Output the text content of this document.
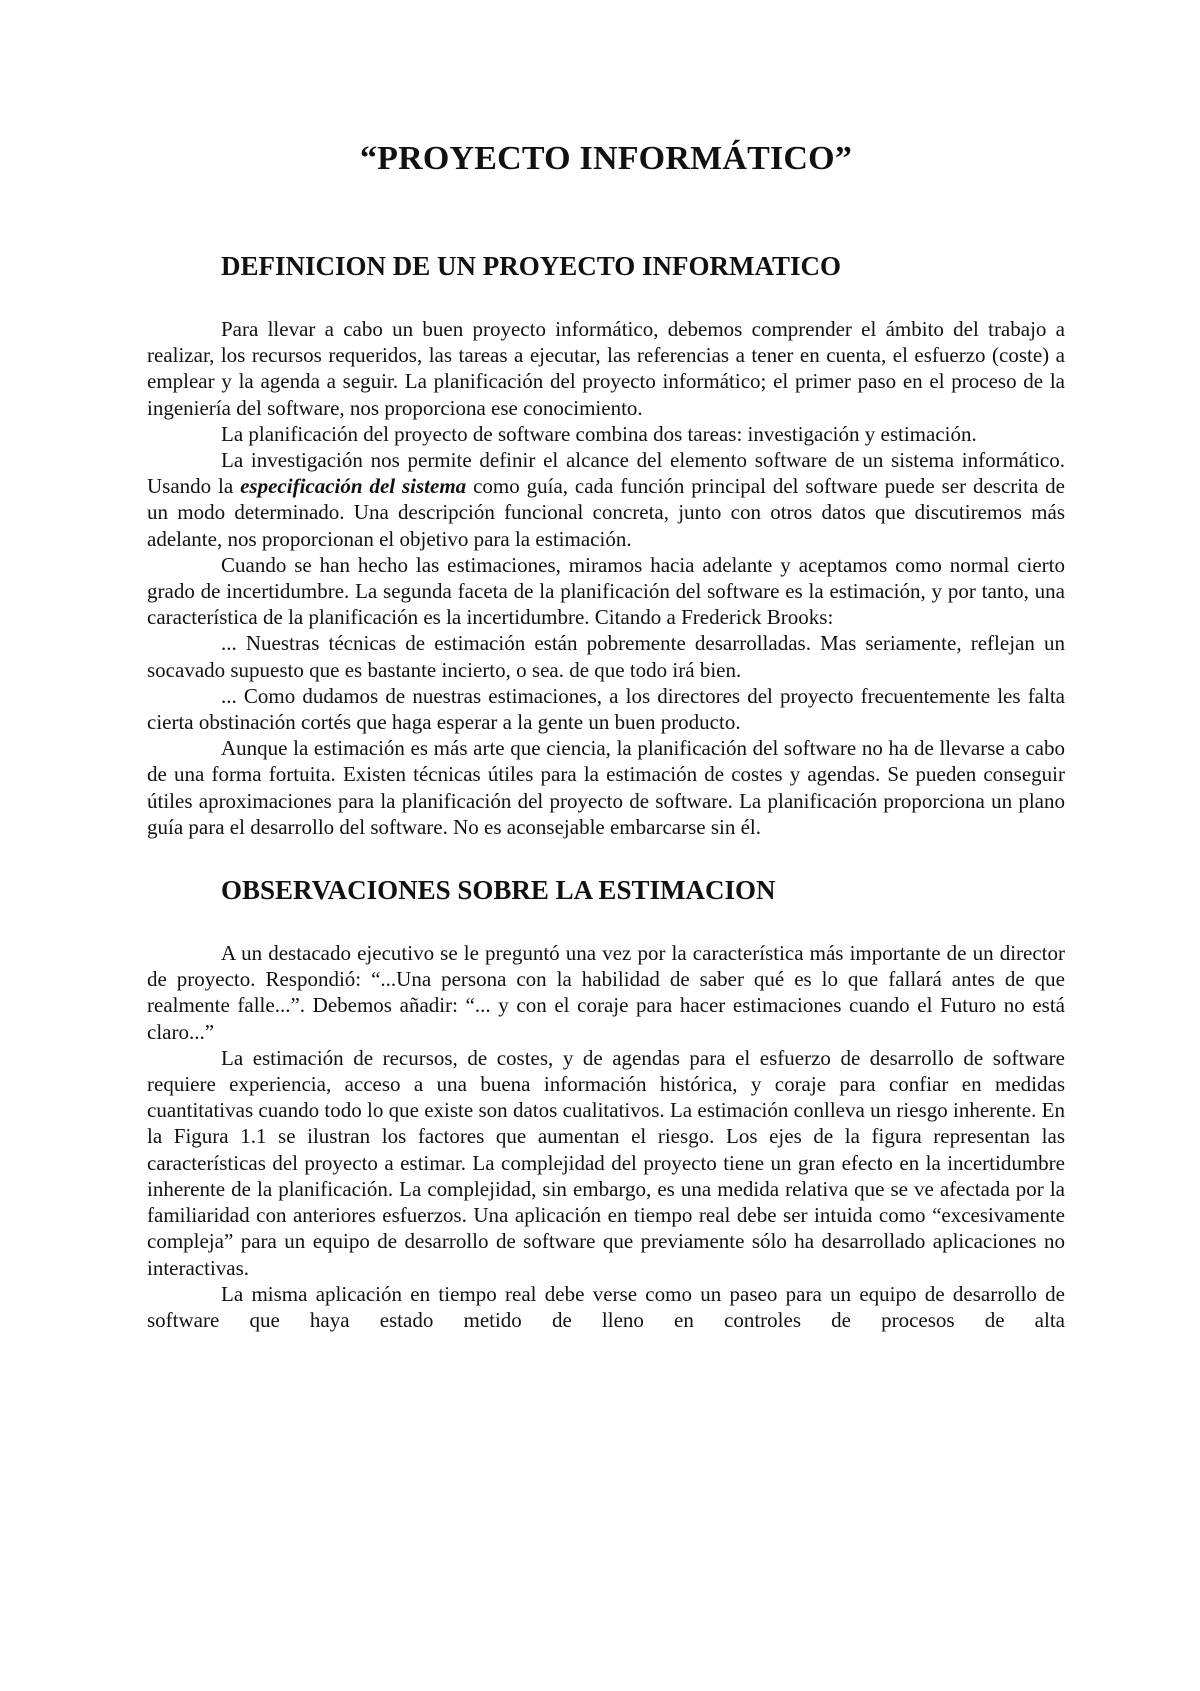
“PROYECTO INFORMÁTICO”
DEFINICION DE UN PROYECTO INFORMATICO

Para llevar a cabo un buen proyecto informático, debemos comprender el ámbito del trabajo a realizar, los recursos requeridos, las tareas a ejecutar, las referencias a tener en cuenta, el esfuerzo (coste) a emplear y la agenda a seguir. La planificación del proyecto informático; el primer paso en el proceso de la ingeniería del software, nos proporciona ese conocimiento.

La planificación del proyecto de software combina dos tareas: investigación y estimación.

La investigación nos permite definir el alcance del elemento software de un sistema informático. Usando la especificación del sistema como guía, cada función principal del software puede ser descrita de un modo determinado. Una descripción funcional concreta, junto con otros datos que discutiremos más adelante, nos proporcionan el objetivo para la estimación.

Cuando se han hecho las estimaciones, miramos hacia adelante y aceptamos como normal cierto grado de incertidumbre. La segunda faceta de la planificación del software es la estimación, y por tanto, una característica de la planificación es la incertidumbre. Citando a Frederick Brooks:

... Nuestras técnicas de estimación están pobremente desarrolladas. Mas seriamente, reflejan un socavado supuesto que es bastante incierto, o sea. de que todo irá bien.

... Como dudamos de nuestras estimaciones, a los directores del proyecto frecuentemente les falta cierta obstinación cortés que haga esperar a la gente un buen producto.

Aunque la estimación es más arte que ciencia, la planificación del software no ha de llevarse a cabo de una forma fortuita. Existen técnicas útiles para la estimación de costes y agendas. Se pueden conseguir útiles aproximaciones para la planificación del proyecto de software. La planificación proporciona un plano guía para el desarrollo del software. No es aconsejable embarcarse sin él.

OBSERVACIONES SOBRE LA ESTIMACION

A un destacado ejecutivo se le preguntó una vez por la característica más importante de un director de proyecto. Respondió: “...Una persona con la habilidad de saber qué es lo que fallará antes de que realmente falle...”. Debemos añadir: “... y con el coraje para hacer estimaciones cuando el Futuro no está claro...”

La estimación de recursos, de costes, y de agendas para el esfuerzo de desarrollo de software requiere experiencia, acceso a una buena información histórica, y coraje para confiar en medidas cuantitativas cuando todo lo que existe son datos cualitativos. La estimación conlleva un riesgo inherente. En la Figura 1.1 se ilustran los factores que aumentan el riesgo. Los ejes de la figura representan las características del proyecto a estimar. La complejidad del proyecto tiene un gran efecto en la incertidumbre inherente de la planificación. La complejidad, sin embargo, es una medida relativa que se ve afectada por la familiaridad con anteriores esfuerzos. Una aplicación en tiempo real debe ser intuida como “excesivamente compleja” para un equipo de desarrollo de software que previamente sólo ha desarrollado aplicaciones no interactivas.

La misma aplicación en tiempo real debe verse como un paseo para un equipo de desarrollo de software que haya estado metido de lleno en controles de procesos de alta
